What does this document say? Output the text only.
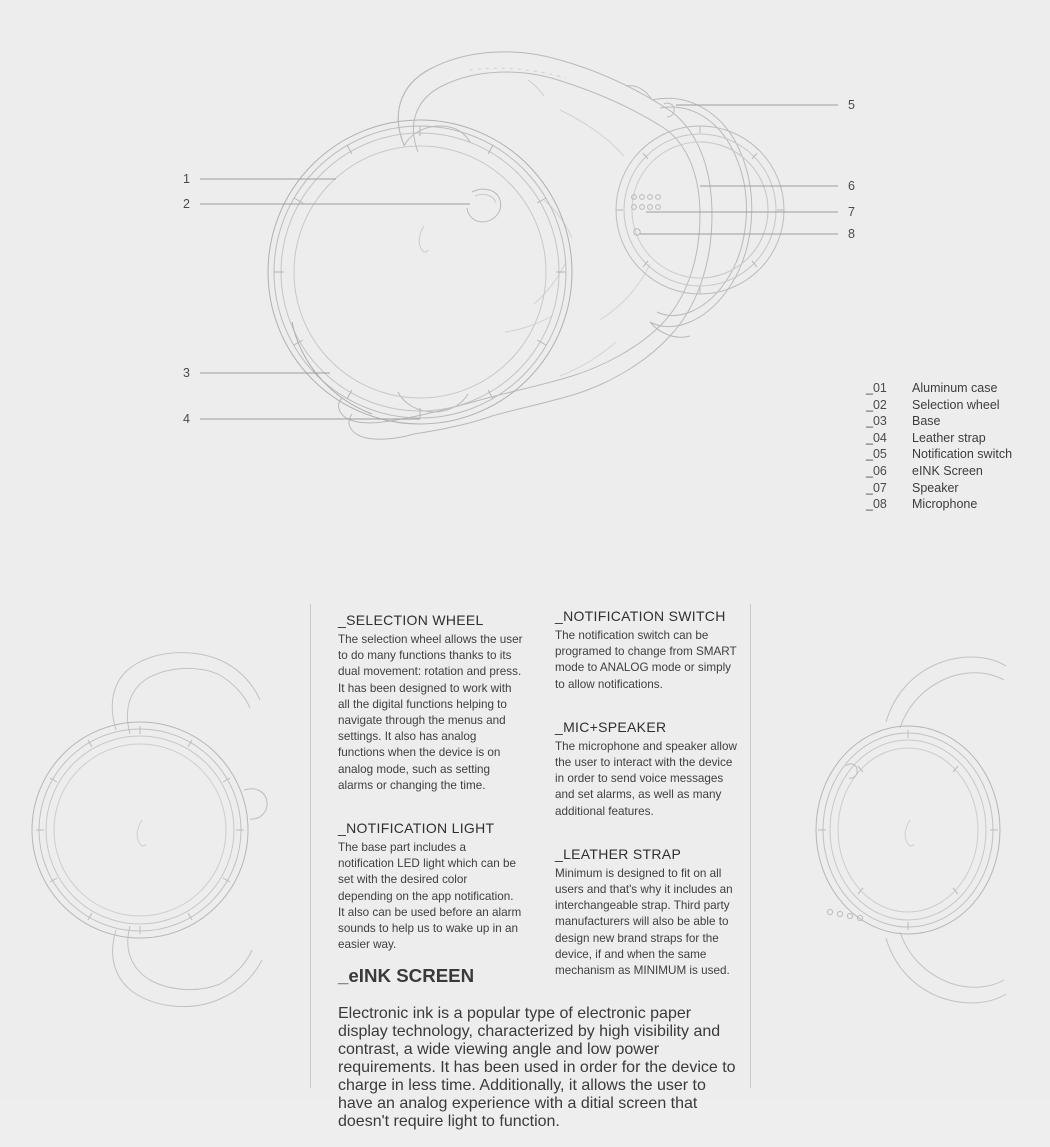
1
2
3
4
5
6
7
8
_01	Aluminum case
_02	Selection wheel
_03	Base
_04	Leather strap
_05	Notification switch
_06	eINK Screen
_07	Speaker
_08	Microphone
_SELECTION WHEEL

The selection wheel allows the user to do many functions thanks to its dual movement: rotation and press. It has been designed to work with all the digital functions helping to navigate through the menus and settings. It also has analog functions when the device is on analog mode, such as setting alarms or changing the time.

_NOTIFICATION LIGHT

The base part includes a notification LED light which can be set with the desired color depending on the app notification. It also can be used before an alarm sounds to help us to wake up in an easier way.

_NOTIFICATION SWITCH

The notification switch can be programed to change from SMART mode to ANALOG mode or simply to allow notifications.

_MIC+SPEAKER

The microphone and speaker allow the user to interact with the device in order to send voice messages and set alarms, as well as many additional features.

_LEATHER STRAP

Minimum is designed to fit on all users and that's why it includes an interchangeable strap. Third party manufacturers will also be able to design new brand straps for the device, if and when the same mechanism as MINIMUM is used.

_eINK SCREEN

Electronic ink is a popular type of electronic paper display technology, characterized by high visibility and contrast, a wide viewing angle and low power requirements. It has been used in order for the device to charge in less time. Additionally, it allows the user to have an analog experience with a ditial screen that doesn't require light to function.
